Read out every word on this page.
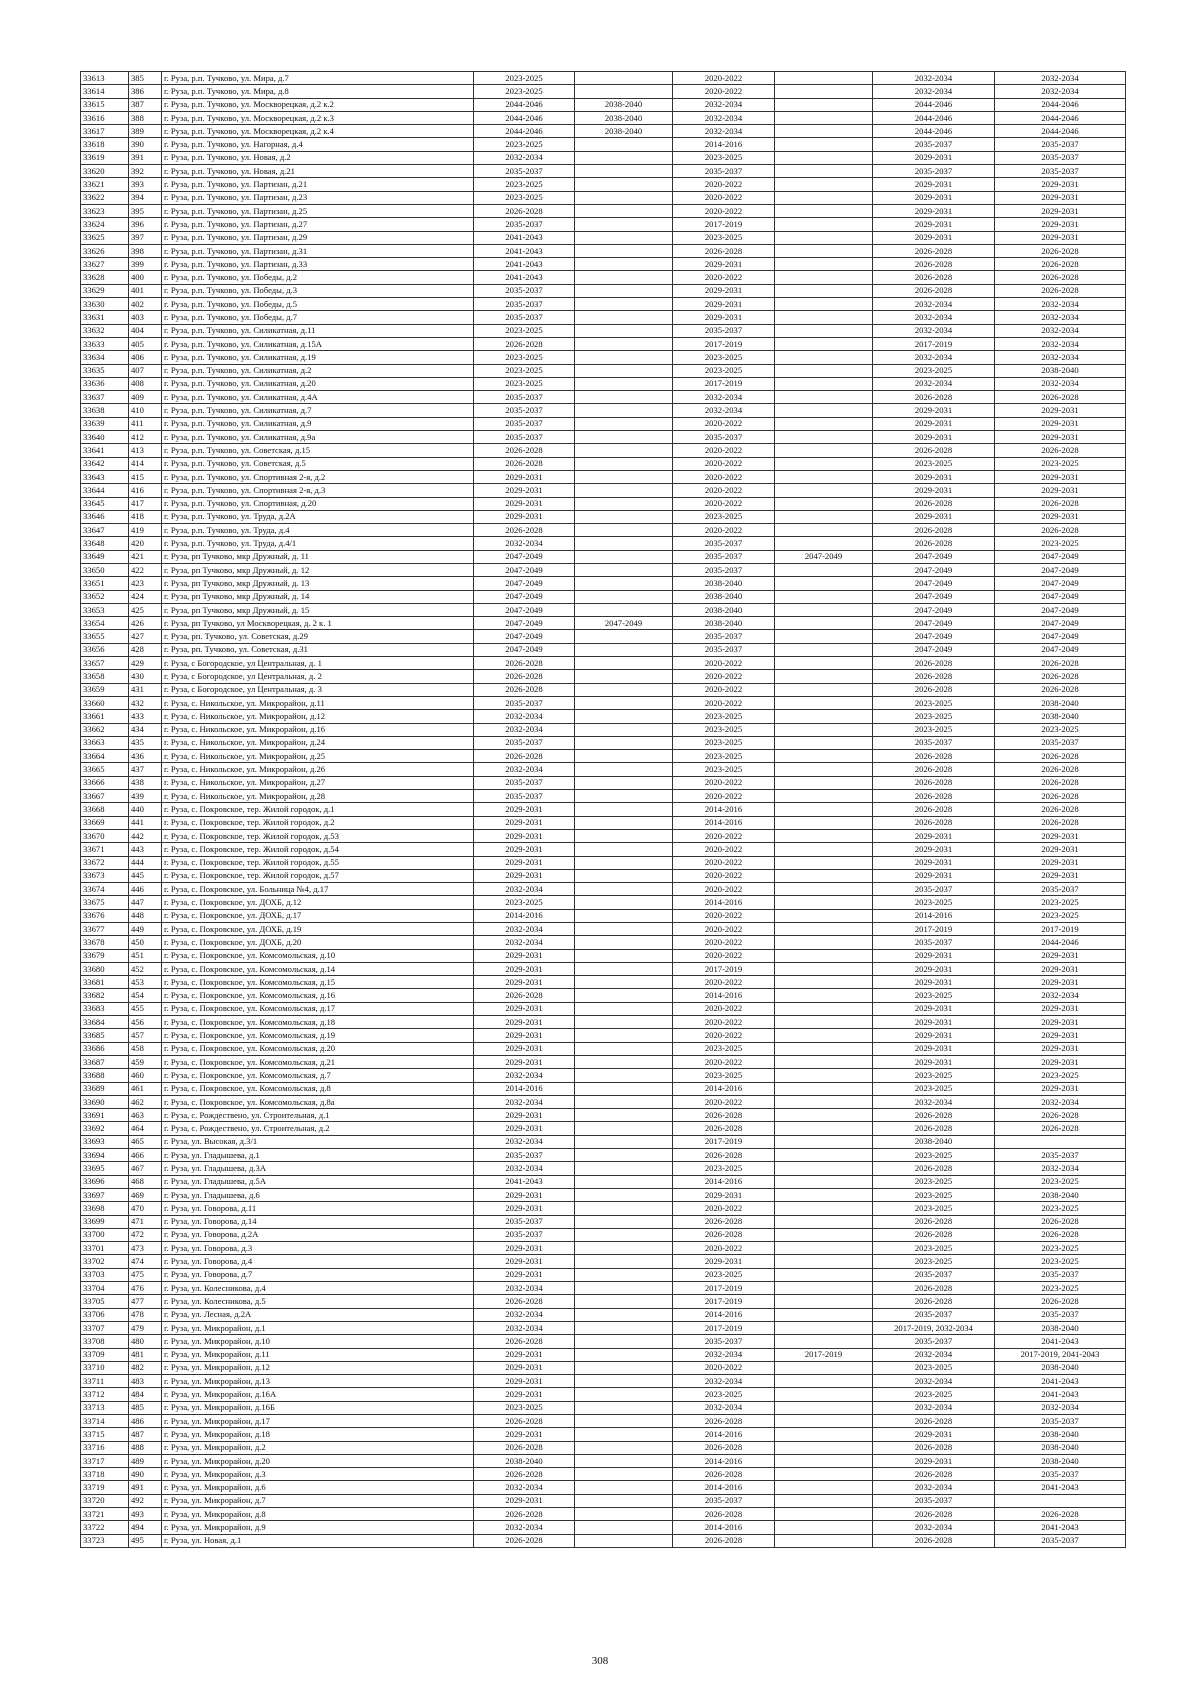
33613	385	г. Руза, р.п. Тучково, ул. Мира, д.7	2023-2025		2020-2022		2032-2034	2032-2034
33614	386	г. Руза, р.п. Тучково, ул. Мира, д.8	2023-2025		2020-2022		2032-2034	2032-2034
33615	387	г. Руза, р.п. Тучково, ул. Москворецкая, д.2 к.2	2044-2046	2038-2040	2032-2034		2044-2046	2044-2046
33616	388	г. Руза, р.п. Тучково, ул. Москворецкая, д.2 к.3	2044-2046	2038-2040	2032-2034		2044-2046	2044-2046
33617	389	г. Руза, р.п. Тучково, ул. Москворецкая, д.2 к.4	2044-2046	2038-2040	2032-2034		2044-2046	2044-2046
33618	390	г. Руза, р.п. Тучково, ул. Нагорная, д.4	2023-2025		2014-2016		2035-2037	2035-2037
33619	391	г. Руза, р.п. Тучково, ул. Новая, д.2	2032-2034		2023-2025		2029-2031	2035-2037
33620	392	г. Руза, р.п. Тучково, ул. Новая, д.21	2035-2037		2035-2037		2035-2037	2035-2037
33621	393	г. Руза, р.п. Тучково, ул. Партизан, д.21	2023-2025		2020-2022		2029-2031	2029-2031
33622	394	г. Руза, р.п. Тучково, ул. Партизан, д.23	2023-2025		2020-2022		2029-2031	2029-2031
33623	395	г. Руза, р.п. Тучково, ул. Партизан, д.25	2026-2028		2020-2022		2029-2031	2029-2031
33624	396	г. Руза, р.п. Тучково, ул. Партизан, д.27	2035-2037		2017-2019		2029-2031	2029-2031
33625	397	г. Руза, р.п. Тучково, ул. Партизан, д.29	2041-2043		2023-2025		2029-2031	2029-2031
33626	398	г. Руза, р.п. Тучково, ул. Партизан, д.31	2041-2043		2026-2028		2026-2028	2026-2028
33627	399	г. Руза, р.п. Тучково, ул. Партизан, д.33	2041-2043		2029-2031		2026-2028	2026-2028
33628	400	г. Руза, р.п. Тучково, ул. Победы, д.2	2041-2043		2020-2022		2026-2028	2026-2028
33629	401	г. Руза, р.п. Тучково, ул. Победы, д.3	2035-2037		2029-2031		2026-2028	2026-2028
33630	402	г. Руза, р.п. Тучково, ул. Победы, д.5	2035-2037		2029-2031		2032-2034	2032-2034
33631	403	г. Руза, р.п. Тучково, ул. Победы, д.7	2035-2037		2029-2031		2032-2034	2032-2034
33632	404	г. Руза, р.п. Тучково, ул. Силикатная, д.11	2023-2025		2035-2037		2032-2034	2032-2034
33633	405	г. Руза, р.п. Тучково, ул. Силикатная, д.15А	2026-2028		2017-2019		2017-2019	2032-2034
33634	406	г. Руза, р.п. Тучково, ул. Силикатная, д.19	2023-2025		2023-2025		2032-2034	2032-2034
33635	407	г. Руза, р.п. Тучково, ул. Силикатная, д.2	2023-2025		2023-2025		2023-2025	2038-2040
33636	408	г. Руза, р.п. Тучково, ул. Силикатная, д.20	2023-2025		2017-2019		2032-2034	2032-2034
33637	409	г. Руза, р.п. Тучково, ул. Силикатная, д.4А	2035-2037		2032-2034		2026-2028	2026-2028
33638	410	г. Руза, р.п. Тучково, ул. Силикатная, д.7	2035-2037		2032-2034		2029-2031	2029-2031
33639	411	г. Руза, р.п. Тучково, ул. Силикатная, д.9	2035-2037		2020-2022		2029-2031	2029-2031
33640	412	г. Руза, р.п. Тучково, ул. Силикатная, д.9а	2035-2037		2035-2037		2029-2031	2029-2031
33641	413	г. Руза, р.п. Тучково, ул. Советская, д.15	2026-2028		2020-2022		2026-2028	2026-2028
33642	414	г. Руза, р.п. Тучково, ул. Советская, д.5	2026-2028		2020-2022		2023-2025	2023-2025
33643	415	г. Руза, р.п. Тучково, ул. Спортивная 2-я, д.2	2029-2031		2020-2022		2029-2031	2029-2031
33644	416	г. Руза, р.п. Тучково, ул. Спортивная 2-я, д.3	2029-2031		2020-2022		2029-2031	2029-2031
33645	417	г. Руза, р.п. Тучково, ул. Спортивная, д.20	2029-2031		2020-2022		2026-2028	2026-2028
33646	418	г. Руза, р.п. Тучково, ул. Труда, д.2А	2029-2031		2023-2025		2029-2031	2029-2031
33647	419	г. Руза, р.п. Тучково, ул. Труда, д.4	2026-2028		2020-2022		2026-2028	2026-2028
33648	420	г. Руза, р.п. Тучково, ул. Труда, д.4/1	2032-2034		2035-2037		2026-2028	2023-2025
33649	421	г. Руза, рп Тучково, мкр Дружный, д. 11	2047-2049		2035-2037	2047-2049	2047-2049	2047-2049
33650	422	г. Руза, рп Тучково, мкр Дружный, д. 12	2047-2049		2035-2037		2047-2049	2047-2049
33651	423	г. Руза, рп Тучково, мкр Дружный, д. 13	2047-2049		2038-2040		2047-2049	2047-2049
33652	424	г. Руза, рп Тучково, мкр Дружный, д. 14	2047-2049		2038-2040		2047-2049	2047-2049
33653	425	г. Руза, рп Тучково, мкр Дружный, д. 15	2047-2049		2038-2040		2047-2049	2047-2049
33654	426	г. Руза, рп Тучково, ул Москворецкая, д. 2 к. 1	2047-2049	2047-2049	2038-2040		2047-2049	2047-2049
33655	427	г. Руза, рп. Тучково, ул. Советская, д.29	2047-2049		2035-2037		2047-2049	2047-2049
33656	428	г. Руза, рп. Тучково, ул. Советская, д.31	2047-2049		2035-2037		2047-2049	2047-2049
33657	429	г. Руза, с Богородское, ул Центральная, д. 1	2026-2028		2020-2022		2026-2028	2026-2028
33658	430	г. Руза, с Богородское, ул Центральная, д. 2	2026-2028		2020-2022		2026-2028	2026-2028
33659	431	г. Руза, с Богородское, ул Центральная, д. 3	2026-2028		2020-2022		2026-2028	2026-2028
33660	432	г. Руза, с. Никольское, ул. Микрорайон, д.11	2035-2037		2020-2022		2023-2025	2038-2040
33661	433	г. Руза, с. Никольское, ул. Микрорайон, д.12	2032-2034		2023-2025		2023-2025	2038-2040
33662	434	г. Руза, с. Никольское, ул. Микрорайон, д.16	2032-2034		2023-2025		2023-2025	2023-2025
33663	435	г. Руза, с. Никольское, ул. Микрорайон, д.24	2035-2037		2023-2025		2035-2037	2035-2037
33664	436	г. Руза, с. Никольское, ул. Микрорайон, д.25	2026-2028		2023-2025		2026-2028	2026-2028
33665	437	г. Руза, с. Никольское, ул. Микрорайон, д.26	2032-2034		2023-2025		2026-2028	2026-2028
33666	438	г. Руза, с. Никольское, ул. Микрорайон, д.27	2035-2037		2020-2022		2026-2028	2026-2028
33667	439	г. Руза, с. Никольское, ул. Микрорайон, д.28	2035-2037		2020-2022		2026-2028	2026-2028
33668	440	г. Руза, с. Покровское, тер. Жилой городок, д.1	2029-2031		2014-2016		2026-2028	2026-2028
33669	441	г. Руза, с. Покровское, тер. Жилой городок, д.2	2029-2031		2014-2016		2026-2028	2026-2028
33670	442	г. Руза, с. Покровское, тер. Жилой городок, д.53	2029-2031		2020-2022		2029-2031	2029-2031
33671	443	г. Руза, с. Покровское, тер. Жилой городок, д.54	2029-2031		2020-2022		2029-2031	2029-2031
33672	444	г. Руза, с. Покровское, тер. Жилой городок, д.55	2029-2031		2020-2022		2029-2031	2029-2031
33673	445	г. Руза, с. Покровское, тер. Жилой городок, д.57	2029-2031		2020-2022		2029-2031	2029-2031
33674	446	г. Руза, с. Покровское, ул. Больница №4, д.17	2032-2034		2020-2022		2035-2037	2035-2037
33675	447	г. Руза, с. Покровское, ул. ДОХБ, д.12	2023-2025		2014-2016		2023-2025	2023-2025
33676	448	г. Руза, с. Покровское, ул. ДОХБ, д.17	2014-2016		2020-2022		2014-2016	2023-2025
33677	449	г. Руза, с. Покровское, ул. ДОХБ, д.19	2032-2034		2020-2022		2017-2019	2017-2019
33678	450	г. Руза, с. Покровское, ул. ДОХБ, д.20	2032-2034		2020-2022		2035-2037	2044-2046
33679	451	г. Руза, с. Покровское, ул. Комсомольская, д.10	2029-2031		2020-2022		2029-2031	2029-2031
33680	452	г. Руза, с. Покровское, ул. Комсомольская, д.14	2029-2031		2017-2019		2029-2031	2029-2031
33681	453	г. Руза, с. Покровское, ул. Комсомольская, д.15	2029-2031		2020-2022		2029-2031	2029-2031
33682	454	г. Руза, с. Покровское, ул. Комсомольская, д.16	2026-2028		2014-2016		2023-2025	2032-2034
33683	455	г. Руза, с. Покровское, ул. Комсомольская, д.17	2029-2031		2020-2022		2029-2031	2029-2031
33684	456	г. Руза, с. Покровское, ул. Комсомольская, д.18	2029-2031		2020-2022		2029-2031	2029-2031
33685	457	г. Руза, с. Покровское, ул. Комсомольская, д.19	2029-2031		2020-2022		2029-2031	2029-2031
33686	458	г. Руза, с. Покровское, ул. Комсомольская, д.20	2029-2031		2023-2025		2029-2031	2029-2031
33687	459	г. Руза, с. Покровское, ул. Комсомольская, д.21	2029-2031		2020-2022		2029-2031	2029-2031
33688	460	г. Руза, с. Покровское, ул. Комсомольская, д.7	2032-2034		2023-2025		2023-2025	2023-2025
33689	461	г. Руза, с. Покровское, ул. Комсомольская, д.8	2014-2016		2014-2016		2023-2025	2029-2031
33690	462	г. Руза, с. Покровское, ул. Комсомольская, д.8а	2032-2034		2020-2022		2032-2034	2032-2034
33691	463	г. Руза, с. Рождествено, ул. Строительная, д.1	2029-2031		2026-2028		2026-2028	2026-2028
33692	464	г. Руза, с. Рождествено, ул. Строительная, д.2	2029-2031		2026-2028		2026-2028	2026-2028
33693	465	г. Руза, ул. Высокая, д.3/1	2032-2034		2017-2019		2038-2040	
33694	466	г. Руза, ул. Гладышева, д.1	2035-2037		2026-2028		2023-2025	2035-2037
33695	467	г. Руза, ул. Гладышева, д.3А	2032-2034		2023-2025		2026-2028	2032-2034
33696	468	г. Руза, ул. Гладышева, д.5А	2041-2043		2014-2016		2023-2025	2023-2025
33697	469	г. Руза, ул. Гладышева, д.6	2029-2031		2029-2031		2023-2025	2038-2040
33698	470	г. Руза, ул. Говорова, д.11	2029-2031		2020-2022		2023-2025	2023-2025
33699	471	г. Руза, ул. Говорова, д.14	2035-2037		2026-2028		2026-2028	2026-2028
33700	472	г. Руза, ул. Говорова, д.2А	2035-2037		2026-2028		2026-2028	2026-2028
33701	473	г. Руза, ул. Говорова, д.3	2029-2031		2020-2022		2023-2025	2023-2025
33702	474	г. Руза, ул. Говорова, д.4	2029-2031		2029-2031		2023-2025	2023-2025
33703	475	г. Руза, ул. Говорова, д.7	2029-2031		2023-2025		2035-2037	2035-2037
33704	476	г. Руза, ул. Колесникова, д.4	2032-2034		2017-2019		2026-2028	2023-2025
33705	477	г. Руза, ул. Колесникова, д.5	2026-2028		2017-2019		2026-2028	2026-2028
33706	478	г. Руза, ул. Лесная, д.2А	2032-2034		2014-2016		2035-2037	2035-2037
33707	479	г. Руза, ул. Микрорайон, д.1	2032-2034		2017-2019		2017-2019, 2032-2034	2038-2040
33708	480	г. Руза, ул. Микрорайон, д.10	2026-2028		2035-2037		2035-2037	2041-2043
33709	481	г. Руза, ул. Микрорайон, д.11	2029-2031		2032-2034	2017-2019	2032-2034	2017-2019, 2041-2043
33710	482	г. Руза, ул. Микрорайон, д.12	2029-2031		2020-2022		2023-2025	2038-2040
33711	483	г. Руза, ул. Микрорайон, д.13	2029-2031		2032-2034		2032-2034	2041-2043
33712	484	г. Руза, ул. Микрорайон, д.16А	2029-2031		2023-2025		2023-2025	2041-2043
33713	485	г. Руза, ул. Микрорайон, д.16Б	2023-2025		2032-2034		2032-2034	2032-2034
33714	486	г. Руза, ул. Микрорайон, д.17	2026-2028		2026-2028		2026-2028	2035-2037
33715	487	г. Руза, ул. Микрорайон, д.18	2029-2031		2014-2016		2029-2031	2038-2040
33716	488	г. Руза, ул. Микрорайон, д.2	2026-2028		2026-2028		2026-2028	2038-2040
33717	489	г. Руза, ул. Микрорайон, д.20	2038-2040		2014-2016		2029-2031	2038-2040
33718	490	г. Руза, ул. Микрорайон, д.3	2026-2028		2026-2028		2026-2028	2035-2037
33719	491	г. Руза, ул. Микрорайон, д.6	2032-2034		2014-2016		2032-2034	2041-2043
33720	492	г. Руза, ул. Микрорайон, д.7	2029-2031		2035-2037		2035-2037	
33721	493	г. Руза, ул. Микрорайон, д.8	2026-2028		2026-2028		2026-2028	2026-2028
33722	494	г. Руза, ул. Микрорайон, д.9	2032-2034		2014-2016		2032-2034	2041-2043
33723	495	г. Руза, ул. Новая, д.1	2026-2028		2026-2028		2026-2028	2035-2037
308
